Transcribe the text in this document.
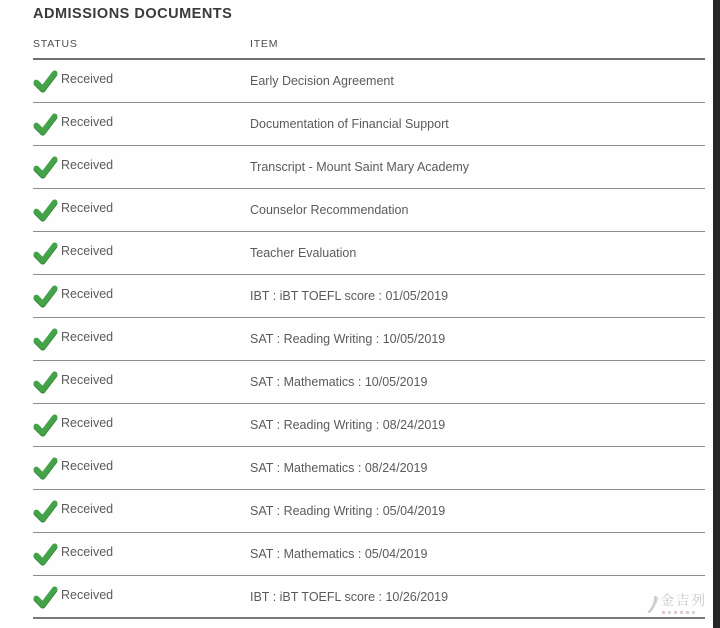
ADMISSIONS DOCUMENTS
STATUS	ITEM
Received	Early Decision Agreement
Received	Documentation of Financial Support
Received	Transcript - Mount Saint Mary Academy
Received	Counselor Recommendation
Received	Teacher Evaluation
Received	IBT : iBT TOEFL score : 01/05/2019
Received	SAT : Reading Writing : 10/05/2019
Received	SAT : Mathematics : 10/05/2019
Received	SAT : Reading Writing : 08/24/2019
Received	SAT : Mathematics : 08/24/2019
Received	SAT : Reading Writing : 05/04/2019
Received	SAT : Mathematics : 05/04/2019
Received	IBT : iBT TOEFL score : 10/26/2019	金吉列
